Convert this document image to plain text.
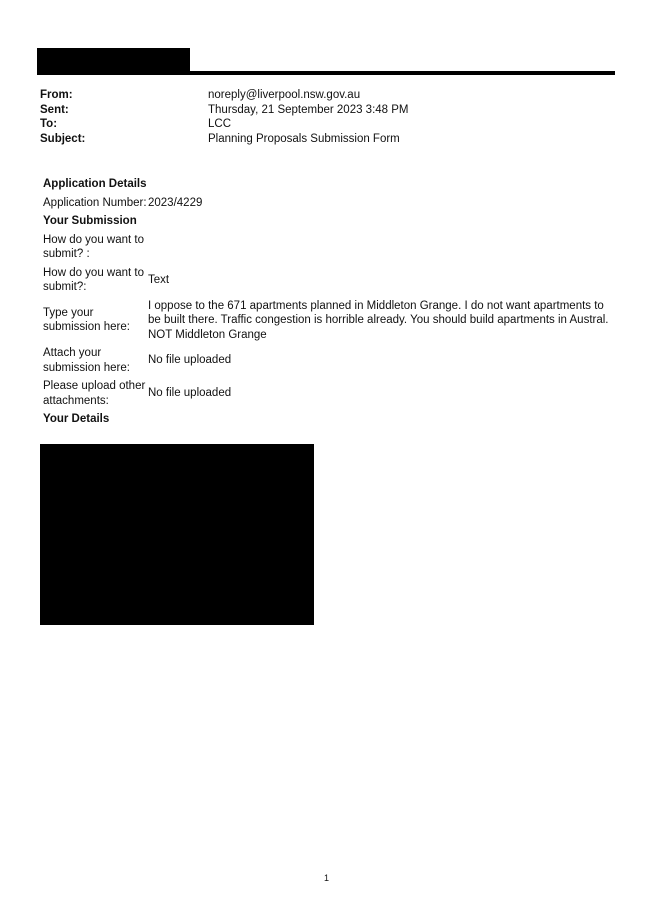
From:	noreply@liverpool.nsw.gov.au
Sent:	Thursday, 21 September 2023 3:48 PM
To:	LCC
Subject:	Planning Proposals Submission Form
Application Details
Application Number: 2023/4229
Your Submission
How do you want to submit? :
How do you want to submit?:
Text
Type your submission here:
I oppose to the 671 apartments planned in Middleton Grange. I do not want apartments to be built there. Traffic congestion is horrible already. You should build apartments in Austral. NOT Middleton Grange
Attach your submission here:
No file uploaded
Please upload other attachments:
No file uploaded
Your Details
1
